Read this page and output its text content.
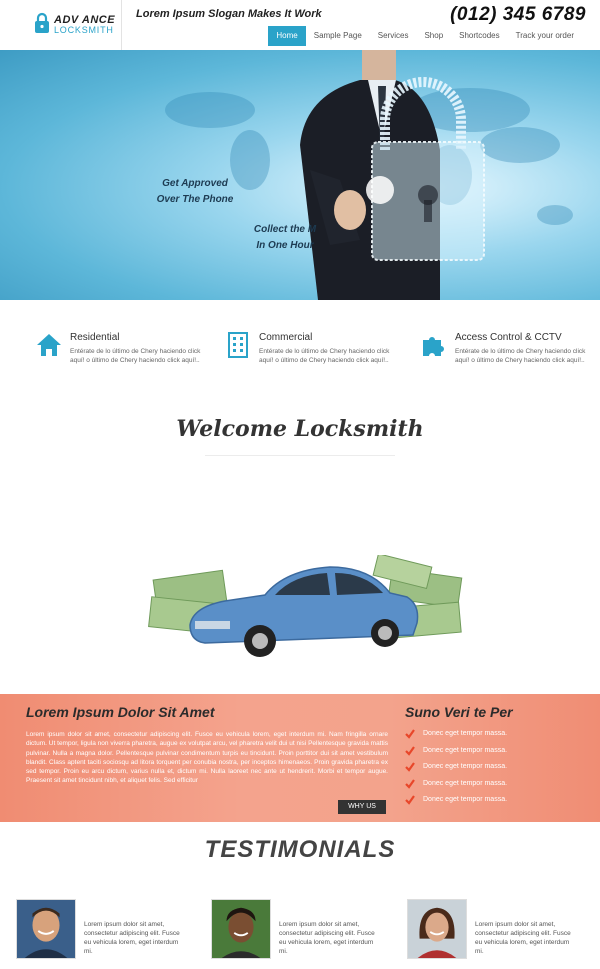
ADV ANCE
LOCKSMITH
Lorem Ipsum Slogan Makes It Work	(012) 345 6789
Home	Sample Page	Services	Shop	Shortcodes	Track your order
Get Approved
Over The Phone
Collect the M
In One Hour
Residential
Entérate de lo último de Chery haciendo click
aquí! o último de Chery haciendo click aquí!..
Commercial
Entérate de lo último de Chery haciendo click
aquí! o último de Chery haciendo click aquí!..
Access Control & CCTV
Entérate de lo último de Chery haciendo click
aquí! o último de Chery haciendo click aquí!..
Welcome Locksmith
Lorem Ipsum Dolor Sit Amet
Lorem ipsum dolor sit amet, consectetur adipiscing elit. Fusce eu vehicula lorem, eget interdum mi. Nam fringilla ornare dictum. Ut tempor, ligula non viverra pharetra, augue ex volutpat arcu, vel pharetra velit dui ut nisi Pellentesque gravida mattis pulvinar. Nulla a magna dolor. Pellentesque pulvinar condimentum turpis eu tincidunt. Proin porttitor dui sit amet vestibulum blandit. Class aptent taciti sociosqu ad litora torquent per conubia nostra, per inceptos himenaeos. Proin gravida pharetra ex sed tempor. Proin eu arcu dictum, varius nulla et, dictum mi. Nulla laoreet nec ante ut hendrerit. Morbi et tempor augue. Praesent sit amet tincidunt nibh, et aliquet felis. Sed efficitur
WHY US
Suno Veri te Per
Donec eget tempor massa.
Donec eget tempor massa.
Donec eget tempor massa.
Donec eget tempor massa.
Donec eget tempor massa.
TESTIMONIALS
Lorem ipsum dolor sit amet, consectetur adipiscing elit. Fusce eu vehicula lorem, eget interdum mi.
Lorem ipsum dolor sit amet, consectetur adipiscing elit. Fusce eu vehicula lorem, eget interdum mi.
Lorem ipsum dolor sit amet, consectetur adipiscing elit. Fusce eu vehicula lorem, eget interdum mi.
